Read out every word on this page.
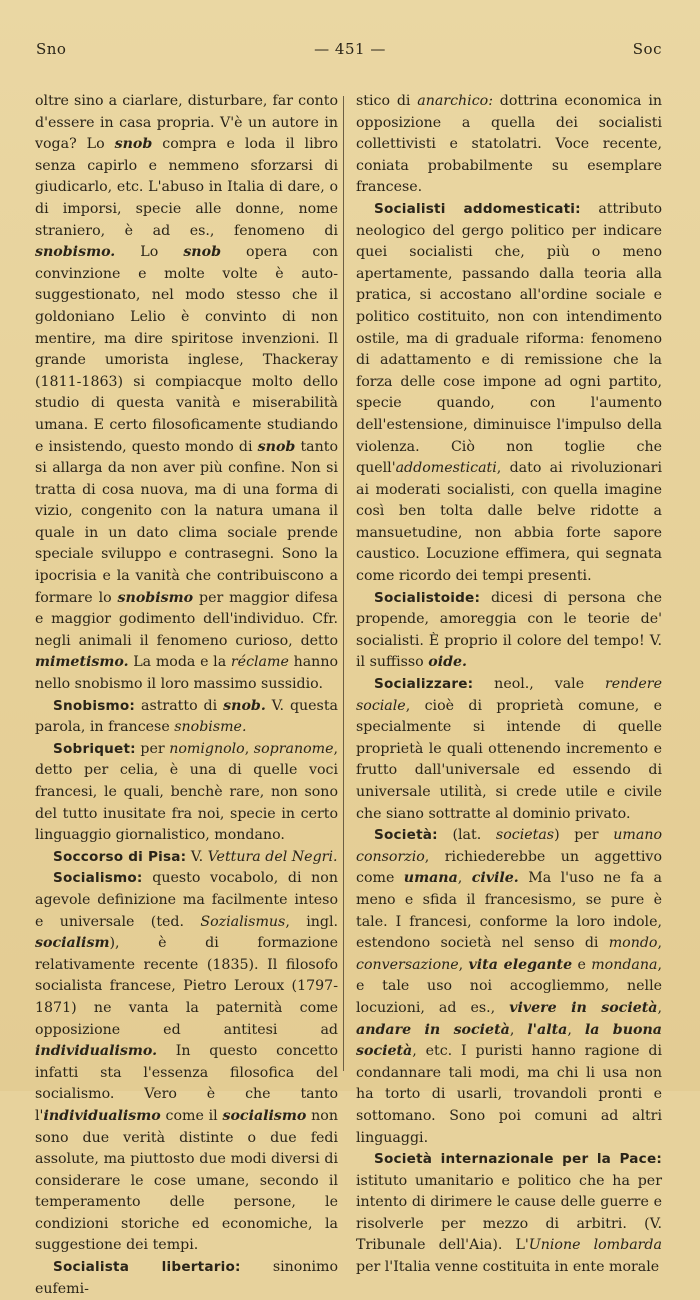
Sno	— 451 —	Soc

oltre sino a ciarlare, disturbare, far conto d'essere in casa propria. V'è un autore in voga? Lo snob compra e loda il libro senza capirlo e nemmeno sforzarsi di giudicarlo, etc. L'abuso in Italia di dare, o di imporsi, specie alle donne, nome straniero, è ad es., fenomeno di snobismo. Lo snob opera con convinzione e molte volte è auto-suggestionato, nel modo stesso che il goldoniano Lelio è convinto di non mentire, ma dire spiritose invenzioni. Il grande umorista inglese, Thackeray (1811-1863) si compiacque molto dello studio di questa vanità e miserabilità umana. E certo filosoficamente studiando e insistendo, questo mondo di snob tanto si allarga da non aver più confine. Non si tratta di cosa nuova, ma di una forma di vizio, congenito con la natura umana il quale in un dato clima sociale prende speciale sviluppo e contrasegni. Sono la ipocrisia e la vanità che contribuiscono a formare lo snobismo per maggior difesa e maggior godimento dell'individuo. Cfr. negli animali il fenomeno curioso, detto mimetismo. La moda e la réclame hanno nello snobismo il loro massimo sussidio.

Snobismo: astratto di snob. V. questa parola, in francese snobisme.

Sobriquet: per nomignolo, sopranome, detto per celia, è una di quelle voci francesi, le quali, benchè rare, non sono del tutto inusitate fra noi, specie in certo linguaggio giornalistico, mondano.

Soccorso di Pisa: V. Vettura del Negri.

Socialismo: questo vocabolo, di non agevole definizione ma facilmente inteso e universale (ted. Sozialismus, ingl. socialism), è di formazione relativamente recente (1835). Il filosofo socialista francese, Pietro Leroux (1797-1871) ne vanta la paternità come opposizione ed antitesi ad individualismo. In questo concetto infatti sta l'essenza filosofica del socialismo. Vero è che tanto l'individualismo come il socialismo non sono due verità distinte o due fedi assolute, ma piuttosto due modi diversi di considerare le cose umane, secondo il temperamento delle persone, le condizioni storiche ed economiche, la suggestione dei tempi.

Socialista libertario: sinonimo eufemi-

stico di anarchico: dottrina economica in opposizione a quella dei socialisti collettivisti e statolatri. Voce recente, coniata probabilmente su esemplare francese.

Socialisti addomesticati: attributo neologico del gergo politico per indicare quei socialisti che, più o meno apertamente, passando dalla teoria alla pratica, si accostano all'ordine sociale e politico costituito, non con intendimento ostile, ma di graduale riforma: fenomeno di adattamento e di remissione che la forza delle cose impone ad ogni partito, specie quando, con l'aumento dell'estensione, diminuisce l'impulso della violenza. Ciò non toglie che quell'addomesticati, dato ai rivoluzionari ai moderati socialisti, con quella imagine così ben tolta dalle belve ridotte a mansuetudine, non abbia forte sapore caustico. Locuzione effimera, qui segnata come ricordo dei tempi presenti.

Socialistoide: dicesi di persona che propende, amoreggia con le teorie de' socialisti. È proprio il colore del tempo! V. il suffisso oide.

Socializzare: neol., vale rendere sociale, cioè di proprietà comune, e specialmente si intende di quelle proprietà le quali ottenendo incremento e frutto dall'universale ed essendo di universale utilità, si crede utile e civile che siano sottratte al dominio privato.

Società: (lat. societas) per umano consorzio, richiederebbe un aggettivo come umana, civile. Ma l'uso ne fa a meno e sfida il francesismo, se pure è tale. I francesi, conforme la loro indole, estendono società nel senso di mondo, conversazione, vita elegante e mondana, e tale uso noi accogliemmo, nelle locuzioni, ad es., vivere in società, andare in società, l'alta, la buona società, etc. I puristi hanno ragione di condannare tali modi, ma chi li usa non ha torto di usarli, trovandoli pronti e sottomano. Sono poi comuni ad altri linguaggi.

Società internazionale per la Pace: istituto umanitario e politico che ha per intento di dirimere le cause delle guerre e risolverle per mezzo di arbitri. (V. Tribunale dell'Aia). L'Unione lombarda per l'Italia venne costituita in ente morale
